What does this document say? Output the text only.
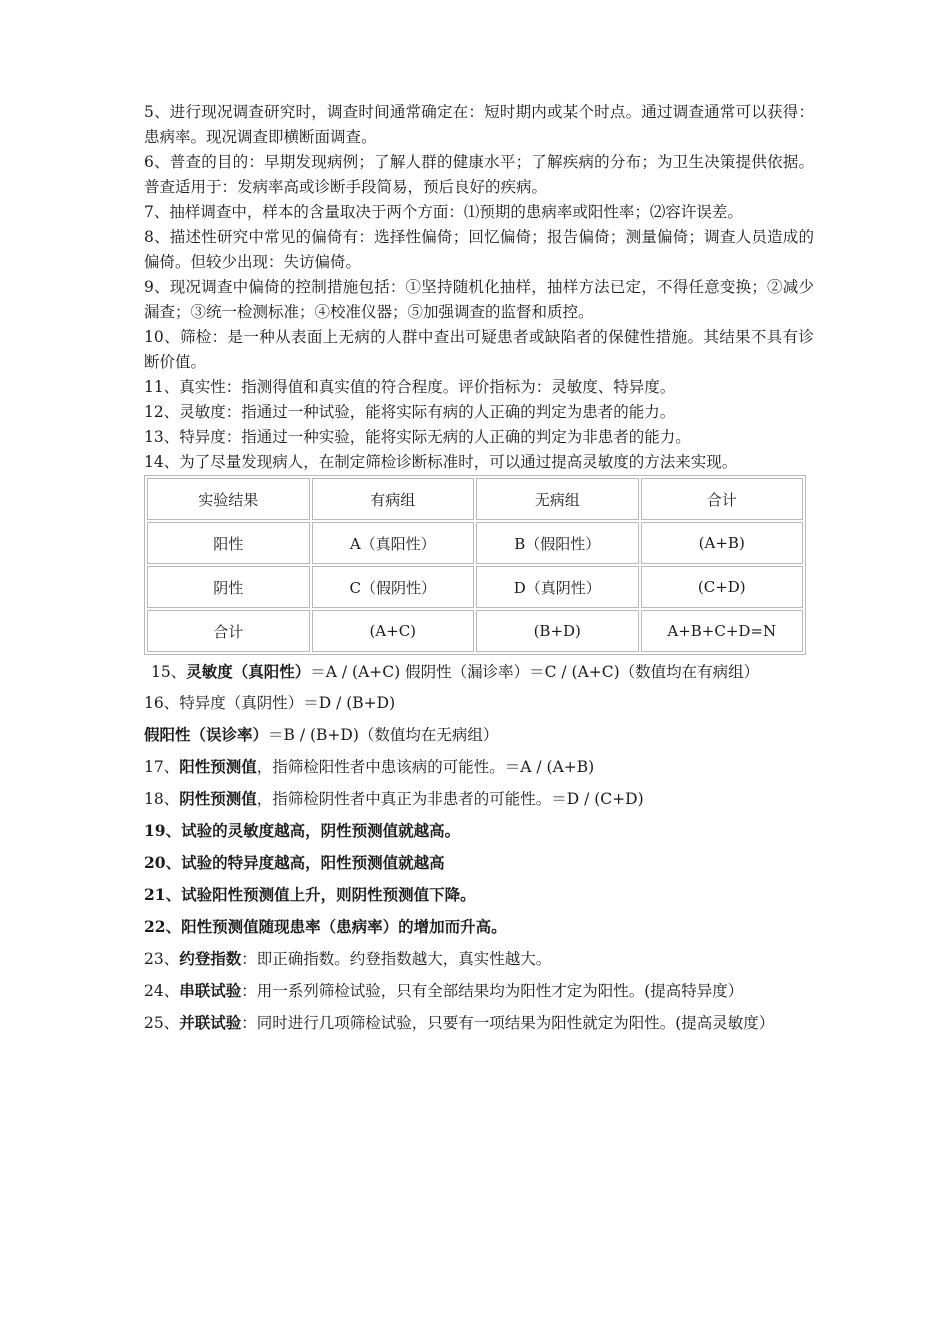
5、进行现况调查研究时，调查时间通常确定在：短时期内或某个时点。通过调查通常可以获得：患病率。现况调查即横断面调查。

6、普查的目的：早期发现病例；了解人群的健康水平；了解疾病的分布；为卫生决策提供依据。普查适用于：发病率高或诊断手段简易，预后良好的疾病。

7、抽样调查中，样本的含量取决于两个方面：⑴预期的患病率或阳性率；⑵容许误差。

8、描述性研究中常见的偏倚有：选择性偏倚；回忆偏倚；报告偏倚；测量偏倚；调查人员造成的偏倚。但较少出现：失访偏倚。

9、现况调查中偏倚的控制措施包括：①坚持随机化抽样，抽样方法已定，不得任意变换；②减少漏查；③统一检测标准；④校准仪器；⑤加强调查的监督和质控。

10、筛检：是一种从表面上无病的人群中查出可疑患者或缺陷者的保健性措施。其结果不具有诊断价值。

11、真实性：指测得值和真实值的符合程度。评价指标为：灵敏度、特异度。

12、灵敏度：指通过一种试验，能将实际有病的人正确的判定为患者的能力。

13、特异度：指通过一种实验，能将实际无病的人正确的判定为非患者的能力。

14、为了尽量发现病人，在制定筛检诊断标准时，可以通过提高灵敏度的方法来实现。

实验结果	有病组	无病组	合计
阳性	A（真阳性）	B（假阳性）	(A+B)
阴性	C（假阴性）	D（真阴性）	(C+D)
合计	(A+C)	(B+D)	A+B+C+D=N

15、灵敏度（真阳性）＝A / (A+C) 假阴性（漏诊率）＝C / (A+C)（数值均在有病组）

16、特异度（真阴性）＝D / (B+D)

假阳性（误诊率）＝B / (B+D)（数值均在无病组）

17、阳性预测值，指筛检阳性者中患该病的可能性。＝A / (A+B)

18、阴性预测值，指筛检阴性者中真正为非患者的可能性。＝D / (C+D)

19、试验的灵敏度越高，阴性预测值就越高。

20、试验的特异度越高，阳性预测值就越高

21、试验阳性预测值上升，则阴性预测值下降。

22、阳性预测值随现患率（患病率）的增加而升高。

23、约登指数：即正确指数。约登指数越大，真实性越大。

24、串联试验：用一系列筛检试验，只有全部结果均为阳性才定为阳性。(提高特异度）

25、并联试验：同时进行几项筛检试验，只要有一项结果为阳性就定为阳性。(提高灵敏度）
